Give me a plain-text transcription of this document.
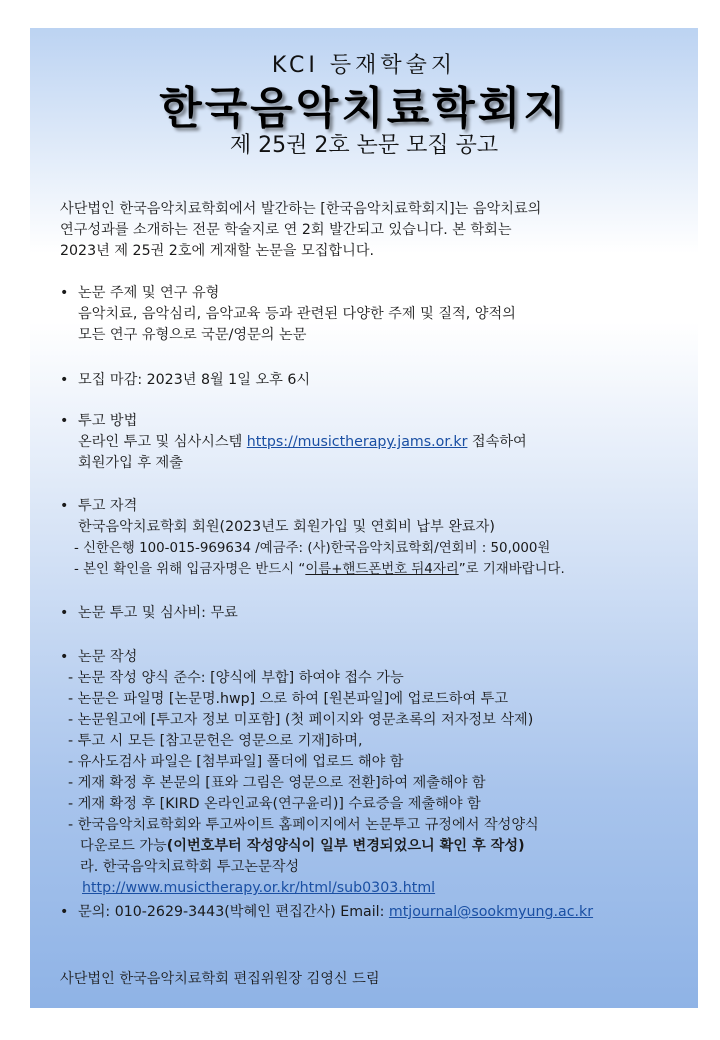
KCI 등재학술지
한국음악치료학회지
제 25권 2호 논문 모집 공고
사단법인 한국음악치료학회에서 발간하는 [한국음악치료학회지]는 음악치료의
연구성과를 소개하는 전문 학술지로 연 2회 발간되고 있습니다. 본 학회는
2023년 제 25권 2호에 게재할 논문을 모집합니다.
• 논문 주제 및 연구 유형
음악치료, 음악심리, 음악교육 등과 관련된 다양한 주제 및 질적, 양적의
모든 연구 유형으로 국문/영문의 논문
• 모집 마감: 2023년 8월 1일 오후 6시
• 투고 방법
온라인 투고 및 심사시스템 https://musictherapy.jams.or.kr 접속하여
회원가입 후 제출
• 투고 자격
한국음악치료학회 회원(2023년도 회원가입 및 연회비 납부 완료자)
- 신한은행 100-015-969634 /예금주: (사)한국음악치료학회/연회비 : 50,000원
- 본인 확인을 위해 입금자명은 반드시 “이름+핸드폰번호 뒤4자리”로 기재바랍니다.
• 논문 투고 및 심사비: 무료
• 논문 작성
- 논문 작성 양식 준수: [양식에 부합] 하여야 접수 가능
- 논문은 파일명 [논문명.hwp] 으로 하여 [원본파일]에 업로드하여 투고
- 논문원고에 [투고자 정보 미포함] (첫 페이지와 영문초록의 저자정보 삭제)
- 투고 시 모든 [참고문헌은 영문으로 기재]하며,
- 유사도검사 파일은 [첨부파일] 폴더에 업로드 해야 함
- 게재 확정 후 본문의 [표와 그림은 영문으로 전환]하여 제출해야 함
- 게재 확정 후 [KIRD 온라인교육(연구윤리)] 수료증을 제출해야 함
- 한국음악치료학회와 투고싸이트 홈페이지에서 논문투고 규정에서 작성양식
다운로드 가능(이번호부터 작성양식이 일부 변경되었으니 확인 후 작성)
라. 한국음악치료학회 투고논문작성
http://www.musictherapy.or.kr/html/sub0303.html
• 문의: 010-2629-3443(박혜인 편집간사) Email: mtjournal@sookmyung.ac.kr
사단법인 한국음악치료학회 편집위원장 김영신 드림
